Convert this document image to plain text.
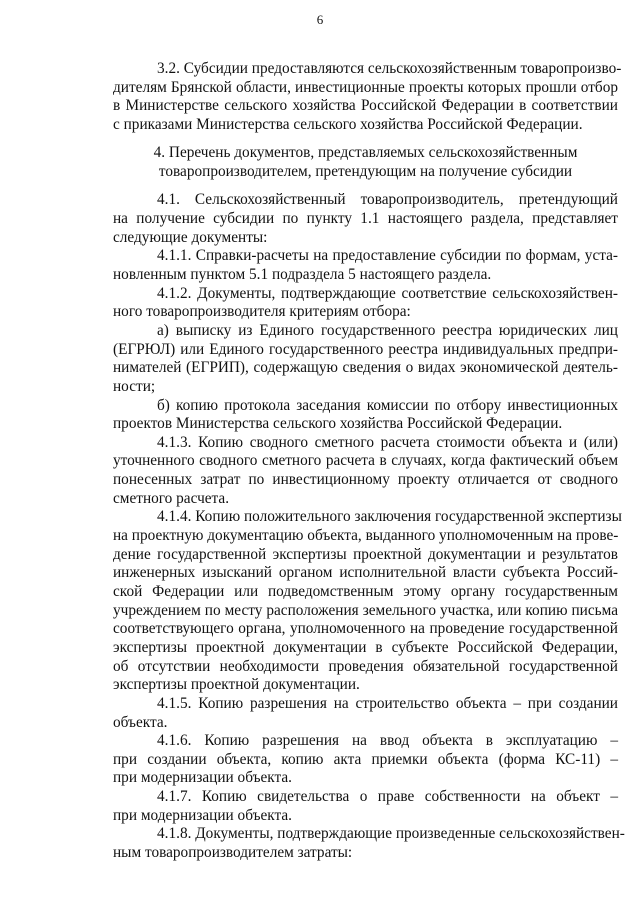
6
3.2. Субсидии предоставляются сельскохозяйственным товаропроизво-
дителям Брянской области, инвестиционные проекты которых прошли отбор
в Министерстве сельского хозяйства Российской Федерации в соответствии
с приказами Министерства сельского хозяйства Российской Федерации.
4. Перечень документов, представляемых сельскохозяйственным
товаропроизводителем, претендующим на получение субсидии
4.1. Сельскохозяйственный товаропроизводитель, претендующий
на получение субсидии по пункту 1.1 настоящего раздела, представляет
следующие документы:
4.1.1. Справки-расчеты на предоставление субсидии по формам, уста-
новленным пунктом 5.1 подраздела 5 настоящего раздела.
4.1.2. Документы, подтверждающие соответствие сельскохозяйствен-
ного товаропроизводителя критериям отбора:
а) выписку из Единого государственного реестра юридических лиц
(ЕГРЮЛ) или Единого государственного реестра индивидуальных предпри-
нимателей (ЕГРИП), содержащую сведения о видах экономической деятель-
ности;
б) копию протокола заседания комиссии по отбору инвестиционных
проектов Министерства сельского хозяйства Российской Федерации.
4.1.3. Копию сводного сметного расчета стоимости объекта и (или)
уточненного сводного сметного расчета в случаях, когда фактический объем
понесенных затрат по инвестиционному проекту отличается от сводного
сметного расчета.
4.1.4. Копию положительного заключения государственной экспертизы
на проектную документацию объекта, выданного уполномоченным на прове-
дение государственной экспертизы проектной документации и результатов
инженерных изысканий органом исполнительной власти субъекта Россий-
ской Федерации или подведомственным этому органу государственным
учреждением по месту расположения земельного участка, или копию письма
соответствующего органа, уполномоченного на проведение государственной
экспертизы проектной документации в субъекте Российской Федерации,
об отсутствии необходимости проведения обязательной государственной
экспертизы проектной документации.
4.1.5. Копию разрешения на строительство объекта – при создании
объекта.
4.1.6. Копию разрешения на ввод объекта в эксплуатацию –
при создании объекта, копию акта приемки объекта (форма КС-11) –
при модернизации объекта.
4.1.7. Копию свидетельства о праве собственности на объект –
при модернизации объекта.
4.1.8. Документы, подтверждающие произведенные сельскохозяйствен-
ным товаропроизводителем затраты:
